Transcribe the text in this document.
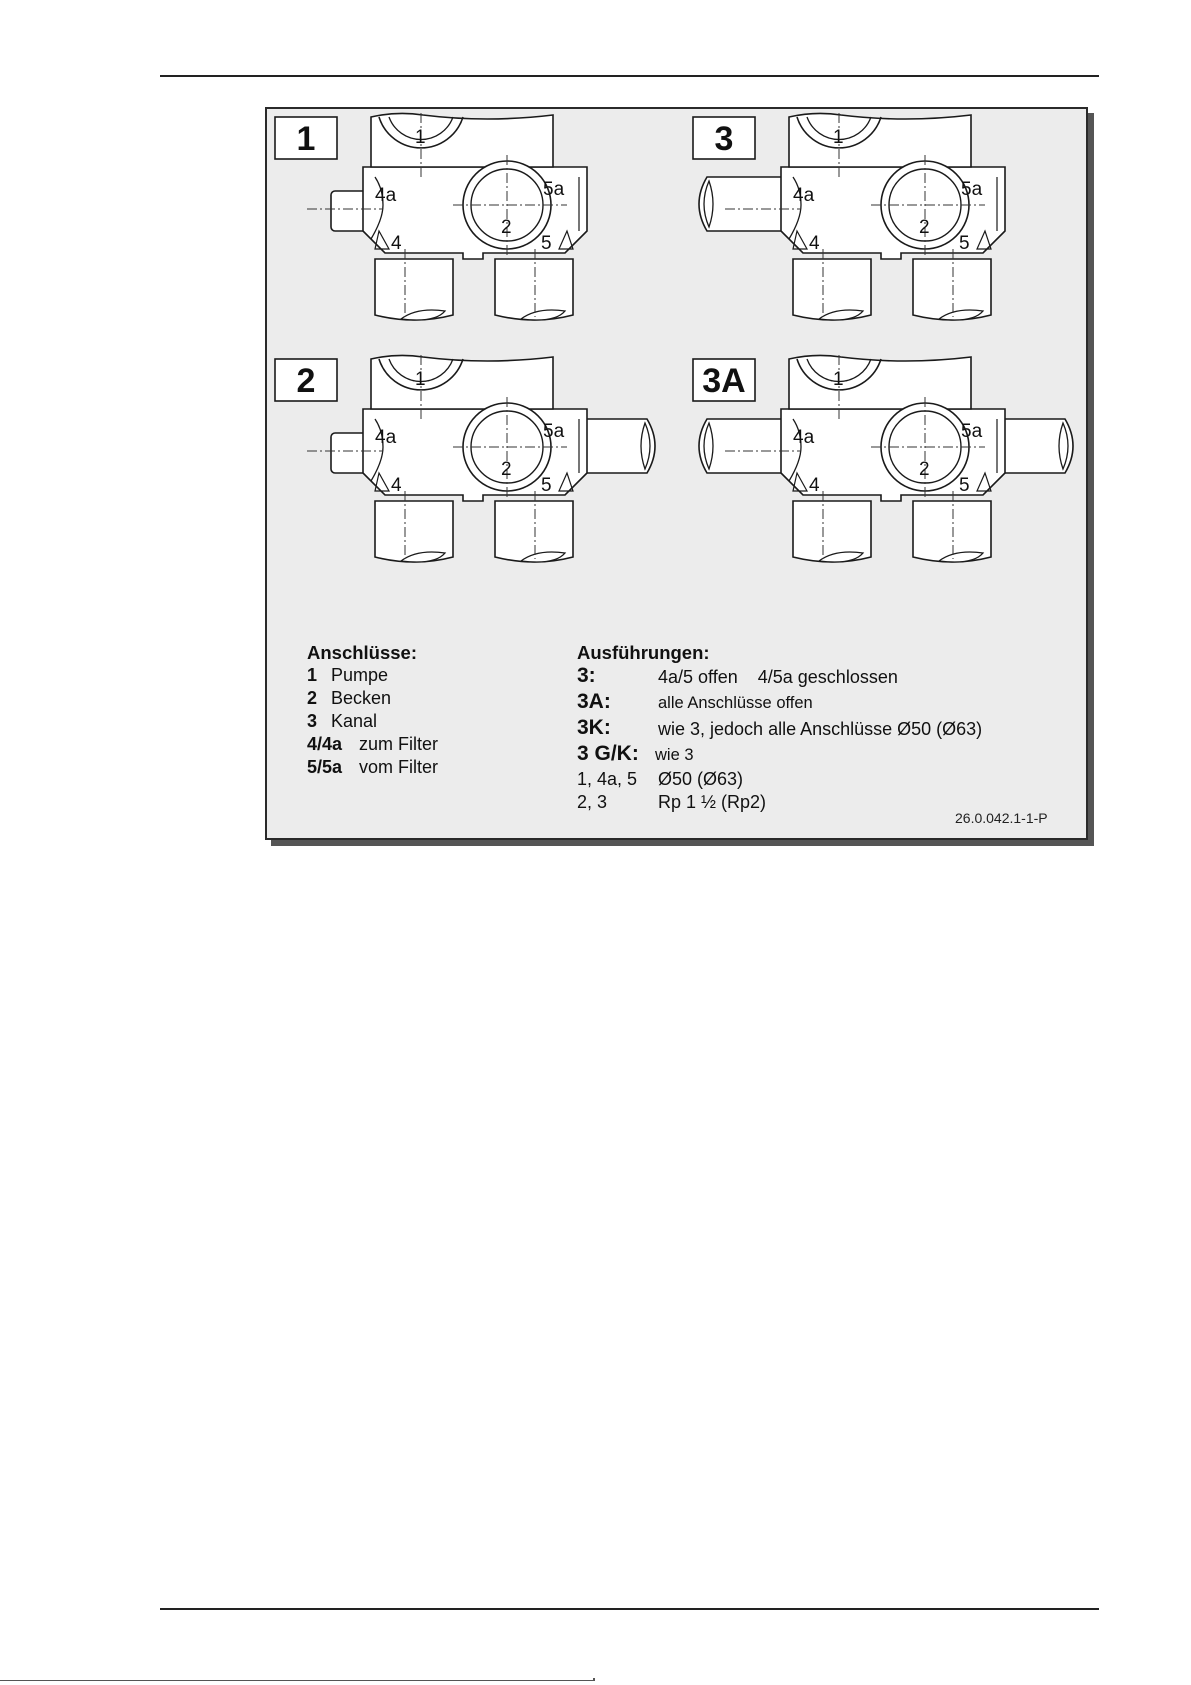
1	1
2
4a	5a
4	5
3	1
2
4a	5a
4	5
2	1
2
4a	5a
4	5
3A	1
2
4a	5a
4	5
Anschlüsse:
1 Pumpe
2 Becken
3 Kanal
4/4a zum Filter
5/5a vom Filter
Ausführungen:
3:	4a/5 offen    4/5a geschlossen
3A:	alle Anschlüsse offen
3K:	wie 3, jedoch alle Anschlüsse Ø50 (Ø63)
3 G/K: wie 3
1, 4a, 5 Ø50 (Ø63)
2, 3	Rp 1 ½ (Rp2)
26.0.042.1-1-P
